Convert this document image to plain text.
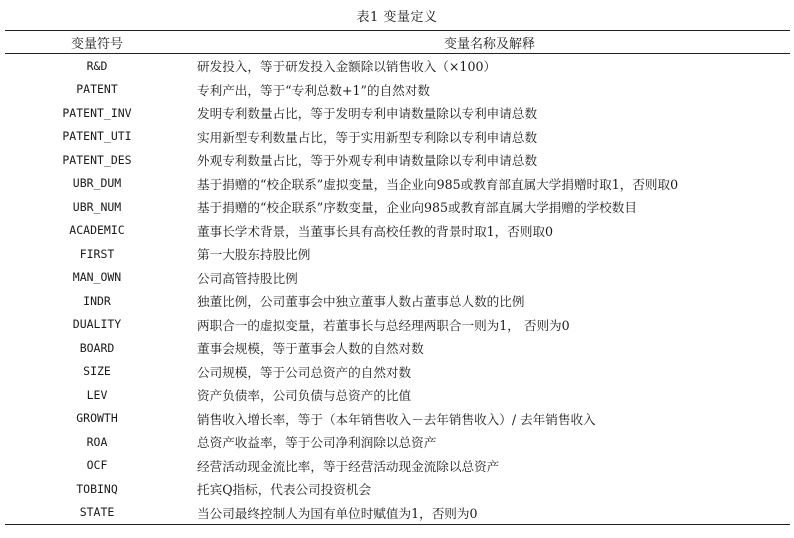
表1 变量定义
变量符号	变量名称及解释
R&D	研发投入，等于研发投入金额除以销售收入（×100）
PATENT	专利产出，等于“专利总数+1”的自然对数
PATENT_INV	发明专利数量占比，等于发明专利申请数量除以专利申请总数
PATENT_UTI	实用新型专利数量占比，等于实用新型专利除以专利申请总数
PATENT_DES	外观专利数量占比，等于外观专利申请数量除以专利申请总数
UBR_DUM	基于捐赠的“校企联系”虚拟变量，当企业向985或教育部直属大学捐赠时取1，否则取0
UBR_NUM	基于捐赠的“校企联系”序数变量，企业向985或教育部直属大学捐赠的学校数目
ACADEMIC	董事长学术背景，当董事长具有高校任教的背景时取1，否则取0
FIRST	第一大股东持股比例
MAN_OWN	公司高管持股比例
INDR	独董比例，公司董事会中独立董事人数占董事总人数的比例
DUALITY	两职合一的虚拟变量，若董事长与总经理两职合一则为1， 否则为0
BOARD	董事会规模，等于董事会人数的自然对数
SIZE	公司规模，等于公司总资产的自然对数
LEV	资产负债率，公司负债与总资产的比值
GROWTH	销售收入增长率，等于（本年销售收入－去年销售收入）/ 去年销售收入
ROA	总资产收益率，等于公司净利润除以总资产
OCF	经营活动现金流比率，等于经营活动现金流除以总资产
TOBINQ	托宾Q指标，代表公司投资机会
STATE	当公司最终控制人为国有单位时赋值为1，否则为0
